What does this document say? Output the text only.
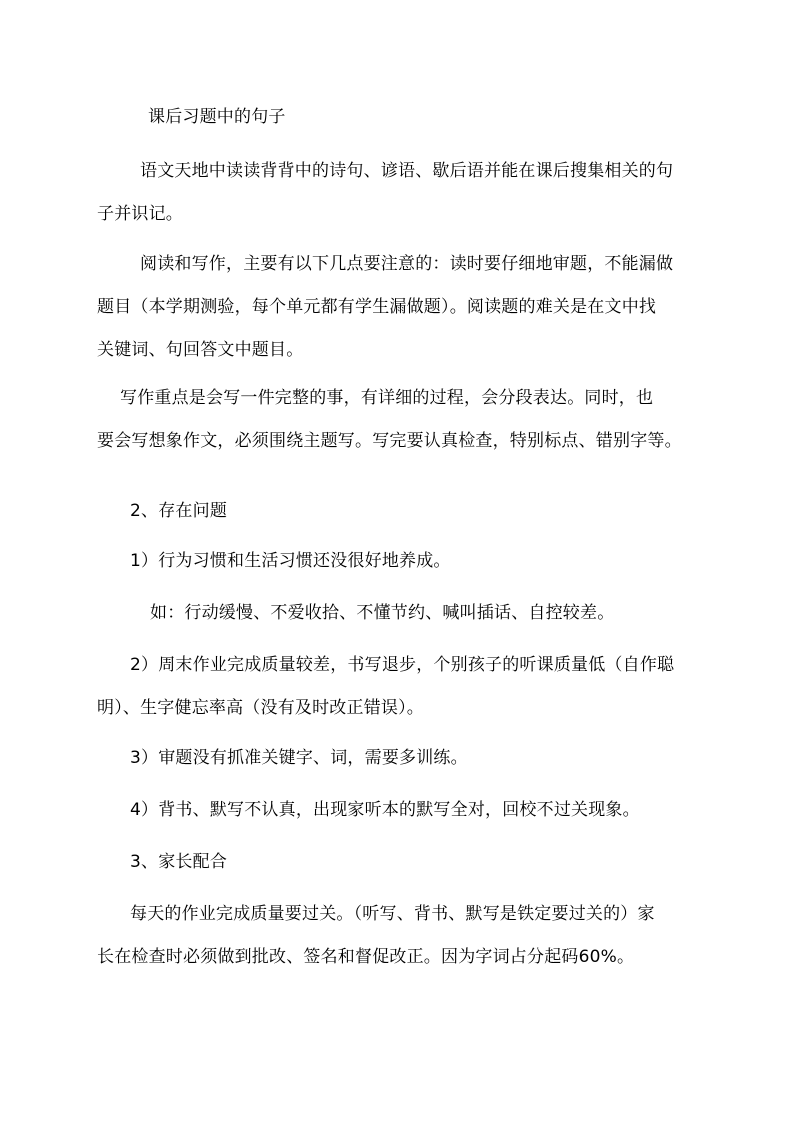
课后习题中的句子
语文天地中读读背背中的诗句、谚语、歇后语并能在课后搜集相关的句
子并识记。
阅读和写作，主要有以下几点要注意的：读时要仔细地审题，不能漏做
题目（本学期测验，每个单元都有学生漏做题）。阅读题的难关是在文中找
关键词、句回答文中题目。
写作重点是会写一件完整的事，有详细的过程，会分段表达。同时，也
要会写想象作文，必须围绕主题写。写完要认真检查，特别标点、错别字等。
2、存在问题
1）行为习惯和生活习惯还没很好地养成。
如：行动缓慢、不爱收拾、不懂节约、喊叫插话、自控较差。
2）周末作业完成质量较差，书写退步，个别孩子的听课质量低（自作聪
明）、生字健忘率高（没有及时改正错误）。
3）审题没有抓准关键字、词，需要多训练。
4）背书、默写不认真，出现家听本的默写全对，回校不过关现象。
3、家长配合
每天的作业完成质量要过关。（听写、背书、默写是铁定要过关的）家
长在检查时必须做到批改、签名和督促改正。因为字词占分起码60%。
